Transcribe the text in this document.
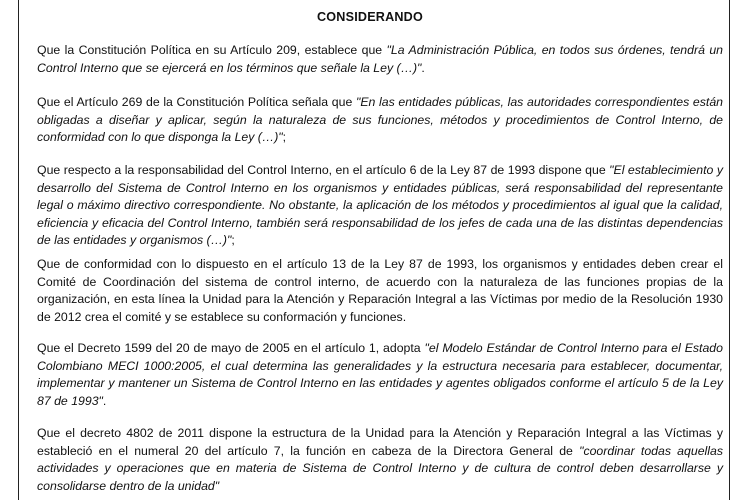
CONSIDERANDO

Que la Constitución Política en su Artículo 209, establece que "La Administración Pública, en todos sus órdenes, tendrá un Control Interno que se ejercerá en los términos que señale la Ley (…)".

Que el Artículo 269 de la Constitución Política señala que "En las entidades públicas, las autoridades correspondientes están obligadas a diseñar y aplicar, según la naturaleza de sus funciones, métodos y procedimientos de Control Interno, de conformidad con lo que disponga la Ley (…)";

Que respecto a la responsabilidad del Control Interno, en el artículo 6 de la Ley 87 de 1993 dispone que "El establecimiento y desarrollo del Sistema de Control Interno en los organismos y entidades públicas, será responsabilidad del representante legal o máximo directivo correspondiente. No obstante, la aplicación de los métodos y procedimientos al igual que la calidad, eficiencia y eficacia del Control Interno, también será responsabilidad de los jefes de cada una de las distintas dependencias de las entidades y organismos (…)";

Que de conformidad con lo dispuesto en el artículo 13 de la Ley 87 de 1993, los organismos y entidades deben crear el Comité de Coordinación del sistema de control interno, de acuerdo con la naturaleza de las funciones propias de la organización, en esta línea la Unidad para la Atención y Reparación Integral a las Víctimas por medio de la Resolución 1930 de 2012 crea el comité y se establece su conformación y funciones.

Que el Decreto 1599 del 20 de mayo de 2005 en el artículo 1, adopta "el Modelo Estándar de Control Interno para el Estado Colombiano MECI 1000:2005, el cual determina las generalidades y la estructura necesaria para establecer, documentar, implementar y mantener un Sistema de Control Interno en las entidades y agentes obligados conforme el artículo 5 de la Ley 87 de 1993".

Que el decreto 4802 de 2011 dispone la estructura de la Unidad para la Atención y Reparación Integral a las Víctimas y estableció en el numeral 20 del artículo 7, la función en cabeza de la Directora General de "coordinar todas aquellas actividades y operaciones que en materia de Sistema de Control Interno y de cultura de control deben desarrollarse y consolidarse dentro de la unidad"
